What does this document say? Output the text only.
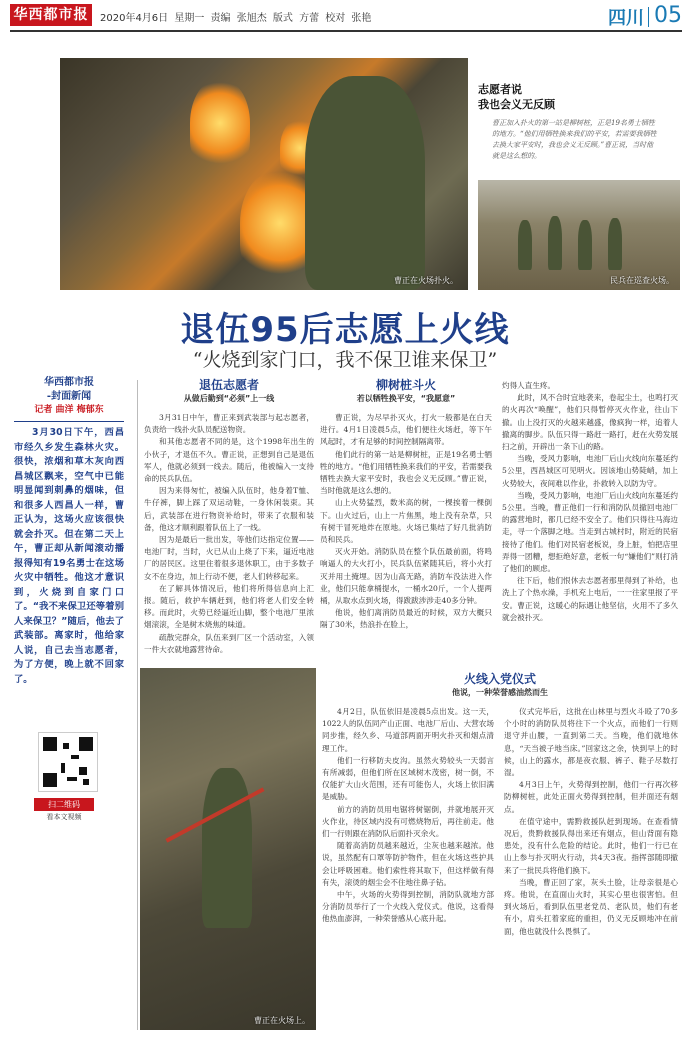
华西都市报	2020年4月6日 星期一 责编 张旭杰 版式 方蕾 校对 张艳	四川 05
曹正在火场扑火。
志愿者说
我也会义无反顾
曹正加入扑火的第一站是柳树桩，正是19名勇士牺牲的地方。“他们用牺牲换来我们的平安，若需要我牺牲去换大家平安时，我也会义无反顾。”曹正说，当时他就是这么想的。
民兵在巡查火场。
退伍95后志愿上火线
“火烧到家门口，我不保卫谁来保卫”
华西都市报
-封面新闻
记者 曲洋 梅郁东
3月30日下午，西昌市经久乡发生森林火灾。很快，浓烟和草木灰向西昌城区飘来，空气中已能明显闻到刺鼻的烟味，但和很多人西昌人一样，曹正认为，这场火应该很快就会扑灭。但在第二天上午，曹正却从新闻滚动播报得知有19名勇士在这场火灾中牺牲。他这才意识到，火烧到自家门口了。“我不来保卫还等着别人来保卫？”随后，他去了武装部。离家时，他给家人说，自己去当志愿者，为了方便，晚上就不回家了。
扫二维码
看本文视频
退伍志愿者
从做后勤到“必须”上一线

3月31日中午，曹正来到武装部与起志愿者，负责给一线扑火队员配送物资。

和其他志愿者不同的是，这个1998年出生的小伙子，才退伍不久。曹正说，正想到自己是退伍军人，他就必须到一线去。随后，他被编入一支待命的民兵队伍。

因为来得匆忙，被编入队伍时，他身着T恤、牛仔裤，脚上踩了双运动鞋，一身休闲装束。其后，武装部在进行物资补给时，带来了衣服和装备，他这才顺利跟着队伍上了一线。

因为是最后一批出发，等他们达指定位置——电池厂时，当时，火已从山上烧了下来，逼近电池厂的居民区。这里住着很多退休职工，由于多数子女不在身边，加上行动不便，老人们转移起来。

在了解具体情况后，他们将所得信息向上汇报。随后，救护车辆赶到，他们将老人们安全转移。而此时，火势已经逼近山脚，整个电池厂里浓烟滚滚，全是树木烧焦的味道。

疏散完群众，队伍来到厂区一个活动室，入领一件大衣就地露营待命。

柳树桩斗火
若以牺牲换平安，“我愿意”

曹正说，为尽早扑灭火，打火一般都是在白天进行。4月1日凌晨5点，他们便往火场赶，等下午风起时，才有足够的时间控制隔离带。

他们此行的第一站是柳树桩，正是19名勇士牺牲的地方。“他们用牺牲换来我们的平安，若需要我牺牲去换大家平安时，我也会义无反顾。”曹正说，当时他就是这么想的。

山上火势猛烈，数米高的树，一棵挨着一棵倒下。山火过后，山上一片焦黑，地上没有杂草，只有树干冒死地炸在原地。火场已集结了好几批消防员和民兵。

灭火开始。消防队员在整个队伍最前面，将鸣响逼人的大火打小，民兵队伍紧随其后，将小火打灭并用土掩埋。因为山高无路，消防车没法进入作业，他们只能拿桶提水，一桶水20斤，一个人提两桶，从取水点到火场，得跋跋涉涉走40多分钟。

他说，他们离消防员最近的时候，双方大概只隔了30米，热浪扑在脸上，

灼得人直生疼。

此时，风不合时宜地袭来，卷起尘土，也鸣打灭的火再次“唤醒”，他们只得暂停灭火作业，往山下撤。山上没打灭的火越来越盛，像疯狗一样，追着人撤离的脚步。队伍只得一路赶一路打，赶在火势发展扫之前，开辟出一条下山的路。

当晚，受风力影响，电池厂后山火线向东蔓延约5公里，西昌城区可见明火。因该地山势陡峭，加上火势较大，夜间难以作业，扑救转入以防为守。

当晚，受风力影响，电池厂后山火线向东蔓延约5公里。当晚，曹正他们一行和消防队员撤回电池厂的露营地时，都几已经不安全了。他们只得往马海边走，寻一个落脚之地。当走到古城村时，附近的民宿接待了他们。他们对民宿老板说，身上脏，怕把店里弄得一团糟，想拒绝好意，老板一句“嫌他们”则打消了他们的顾虑。

往下后，他们恨休去志愿者那里得到了补给，也洗上了个热水澡，手机充上电后，一一往家里报了平安。曹正说，这暖心的际遇让他坚信，火用不了多久就会被扑灭。

曹正在火场上。
火线入党仪式
他说，一种荣誉感油然而生

4月2日，队伍依旧是凌晨5点出发。这一天，1022人的队伍同产山正面、电池厂后山、大营农场同步推，经久乡、马道部两面开明火扑灭和烟点清理工作。

他们一行移防夫皮沟。虽然火势较头一天弱言有所减弱，但他们所在区域树木茂密，树一倒，不仅能扩大山火范围，还有可能伤人，火场上依旧满是威胁。

前方的消防员用电锯将树锯倒，并就地展开灭火作业，待区域内没有可燃烧物后，再往前走。他们一行则跟在消防队后面扑灭余火。

随着高消防员越来越近，尘灰也越来越浓。他说，虽然配有口罩等防护物件，但在火场这些护具会让呼吸困难。他们索性将其取下，但这样做有得有失，滚烫的烟尘会不住地往鼻子钻。

中午，火场的火势得到控制，消防队就地方部分消防员举行了一个火线入党仪式。他说，这看得他热血澎湃，一种荣誉感从心底升起。

仪式完毕后，这批在山林里与烈火斗殴了70多个小时的消防队员将往下一个火点，而他们一行则退守并山腰，一直到第二天。当晚，他们就地休息，“天当被子地当床。”回家这之余，快到早上的时候，山上的露水，都是夜衣服、裤子、鞋子尽数打湿。

4月3日上午，火势得到控制，他们一行再次移防柳树桩，此处正面火势得到控制，但并面还有烟点。

在值守途中，需黔救援队赶到现场。在查看情况后，贵黔救援队得出来还有烟点，但山背面有隐患处，没有什么危险的结论。此时，他们一行已在山上参与扑灭明火行动，共4天3夜。指挥部随即撤来了一批民兵将他们换下。

当晚，曹正回了家，灰头土脸，让母亲很是心疼。他说，在直面山火时，其实心里也很害怕。但到火场后，看到队伍里老党员、老队员，他们有老有小，肩头扛着家庭的重担，仍义无反顾地冲在前面，他也就没什么畏惧了。
